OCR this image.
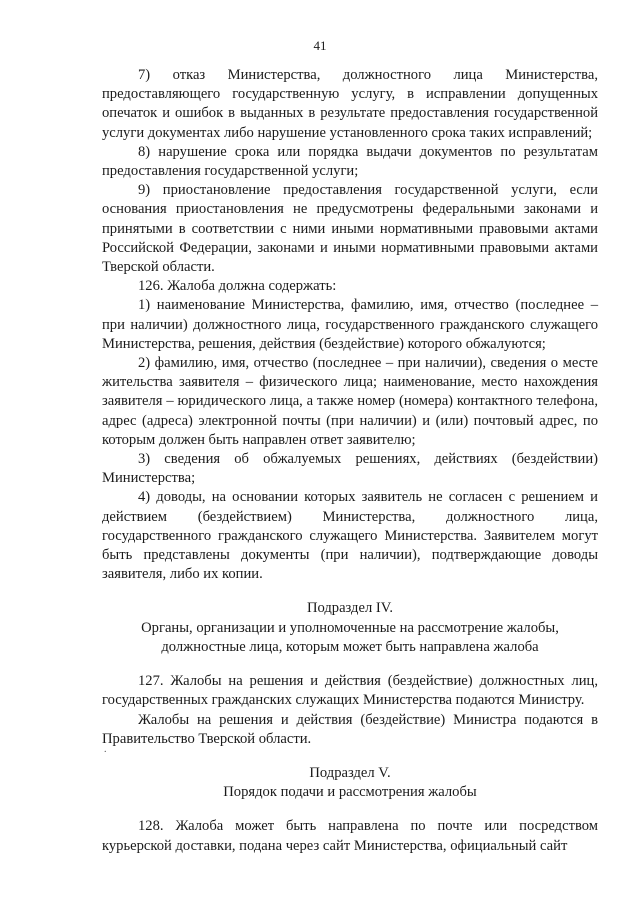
41

7) отказ Министерства, должностного лица Министерства, предоставляющего государственную услугу, в исправлении допущенных опечаток и ошибок в выданных в результате предоставления государственной услуги документах либо нарушение установленного срока таких исправлений;

8) нарушение срока или порядка выдачи документов по результатам предоставления государственной услуги;

9) приостановление предоставления государственной услуги, если основания приостановления не предусмотрены федеральными законами и принятыми в соответствии с ними иными нормативными правовыми актами Российской Федерации, законами и иными нормативными правовыми актами Тверской области.

126. Жалоба должна содержать:

1) наименование Министерства, фамилию, имя, отчество (последнее – при наличии) должностного лица, государственного гражданского служащего Министерства, решения, действия (бездействие) которого обжалуются;

2) фамилию, имя, отчество (последнее – при наличии), сведения о месте жительства заявителя – физического лица; наименование, место нахождения заявителя – юридического лица, а также номер (номера) контактного телефона, адрес (адреса) электронной почты (при наличии) и (или) почтовый адрес, по которым должен быть направлен ответ заявителю;

3) сведения об обжалуемых решениях, действиях (бездействии) Министерства;

4) доводы, на основании которых заявитель не согласен с решением и действием (бездействием) Министерства, должностного лица, государственного гражданского служащего Министерства. Заявителем могут быть представлены документы (при наличии), подтверждающие доводы заявителя, либо их копии.

Подраздел IV.

Органы, организации и уполномоченные на рассмотрение жалобы,

должностные лица, которым может быть направлена жалоба

127. Жалобы на решения и действия (бездействие) должностных лиц, государственных гражданских служащих Министерства подаются Министру.

Жалобы на решения и действия (бездействие) Министра подаются в Правительство Тверской области.

Подраздел V.

Порядок подачи и рассмотрения жалобы

128. Жалоба может быть направлена по почте или посредством курьерской доставки, подана через сайт Министерства, официальный сайт

.
